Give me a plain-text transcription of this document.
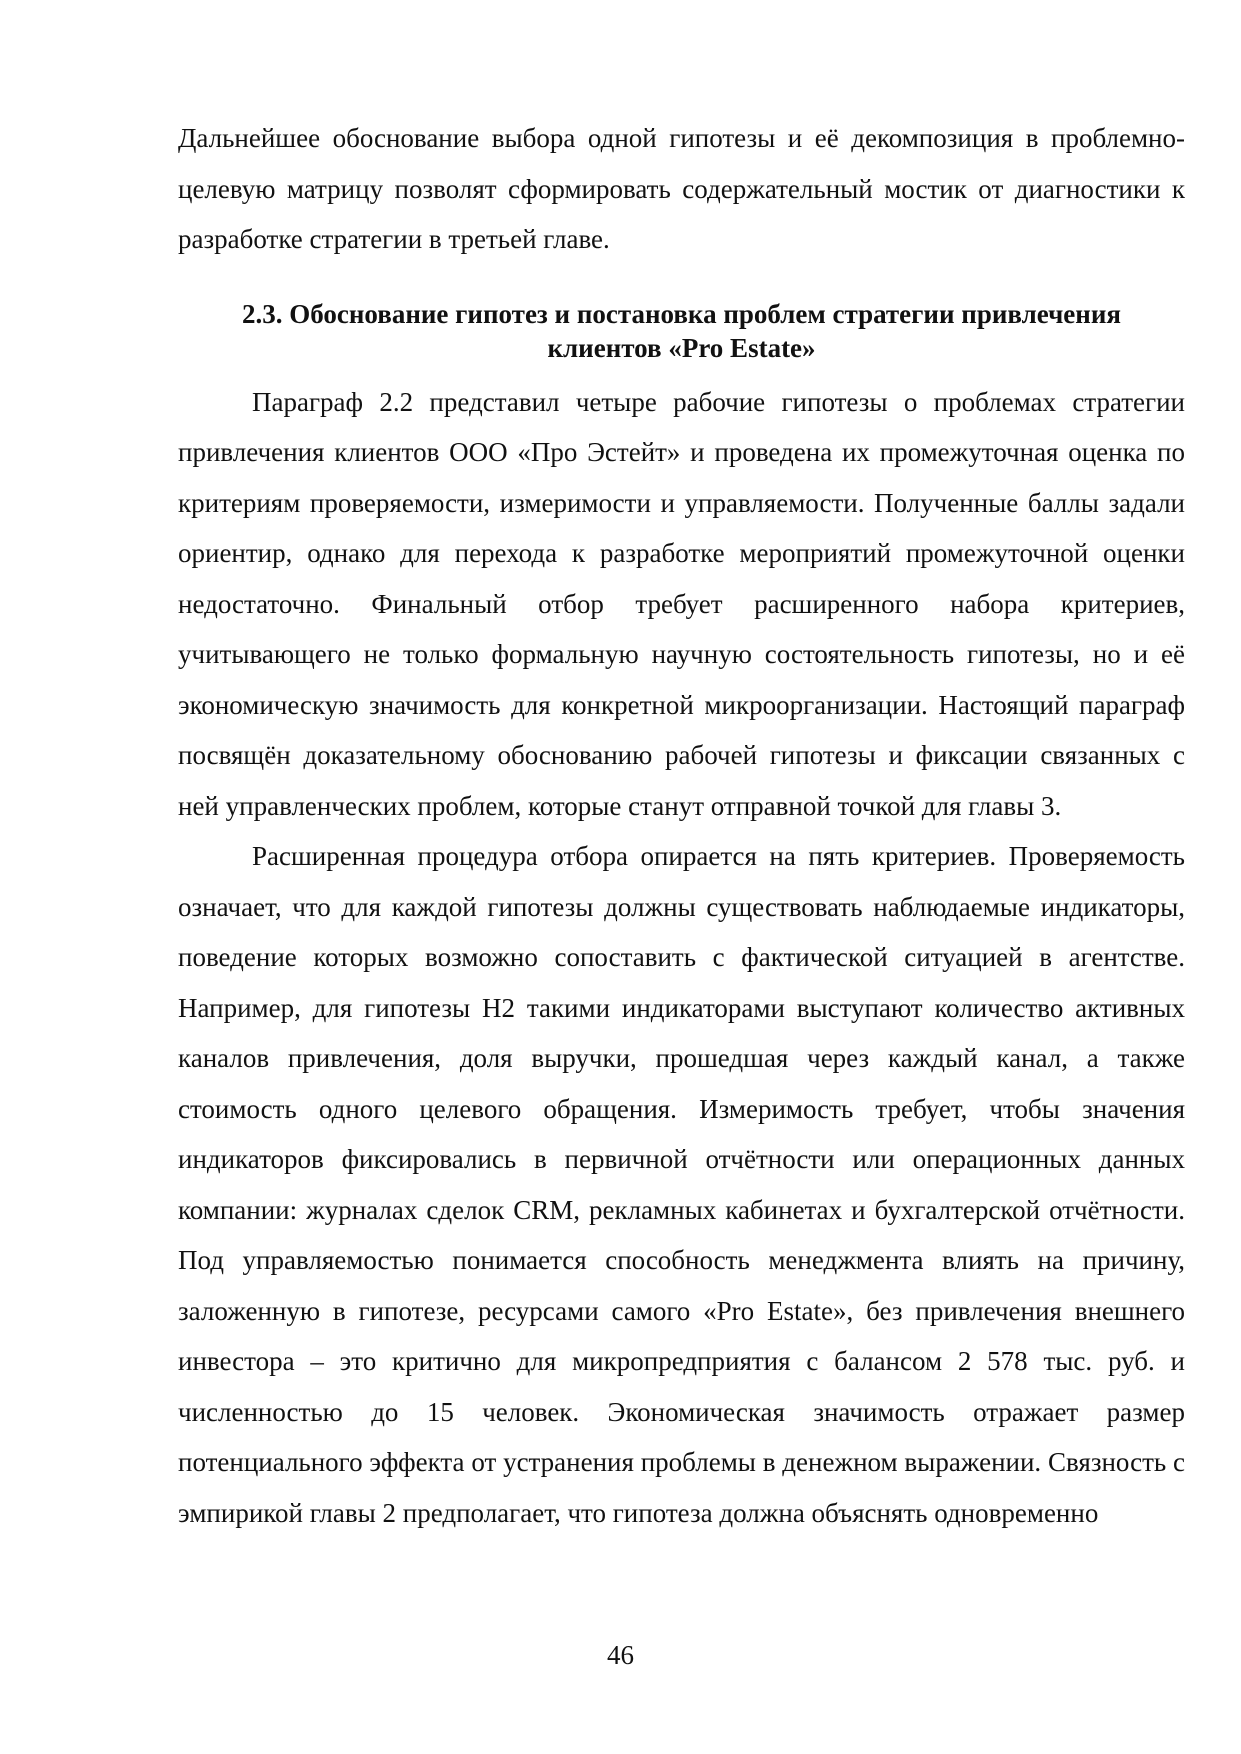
Дальнейшее обоснование выбора одной гипотезы и её декомпозиция в проблемно-целевую матрицу позволят сформировать содержательный мостик от диагностики к разработке стратегии в третьей главе.

2.3. Обоснование гипотез и постановка проблем стратегии привлечения
клиентов «Pro Estate»

Параграф 2.2 представил четыре рабочие гипотезы о проблемах стратегии привлечения клиентов ООО «Про Эстейт» и проведена их промежуточная оценка по критериям проверяемости, измеримости и управляемости. Полученные баллы задали ориентир, однако для перехода к разработке мероприятий промежуточной оценки недостаточно. Финальный отбор требует расширенного набора критериев, учитывающего не только формальную научную состоятельность гипотезы, но и её экономическую значимость для конкретной микроорганизации. Настоящий параграф посвящён доказательному обоснованию рабочей гипотезы и фиксации связанных с ней управленческих проблем, которые станут отправной точкой для главы 3.

Расширенная процедура отбора опирается на пять критериев. Проверяемость означает, что для каждой гипотезы должны существовать наблюдаемые индикаторы, поведение которых возможно сопоставить с фактической ситуацией в агентстве. Например, для гипотезы H2 такими индикаторами выступают количество активных каналов привлечения, доля выручки, прошедшая через каждый канал, а также стоимость одного целевого обращения. Измеримость требует, чтобы значения индикаторов фиксировались в первичной отчётности или операционных данных компании: журналах сделок CRM, рекламных кабинетах и бухгалтерской отчётности. Под управляемостью понимается способность менеджмента влиять на причину, заложенную в гипотезе, ресурсами самого «Pro Estate», без привлечения внешнего инвестора – это критично для микропредприятия с балансом 2 578 тыс. руб. и численностью до 15 человек. Экономическая значимость отражает размер потенциального эффекта от устранения проблемы в денежном выражении. Связность с эмпирикой главы 2 предполагает, что гипотеза должна объяснять одновременно

46
